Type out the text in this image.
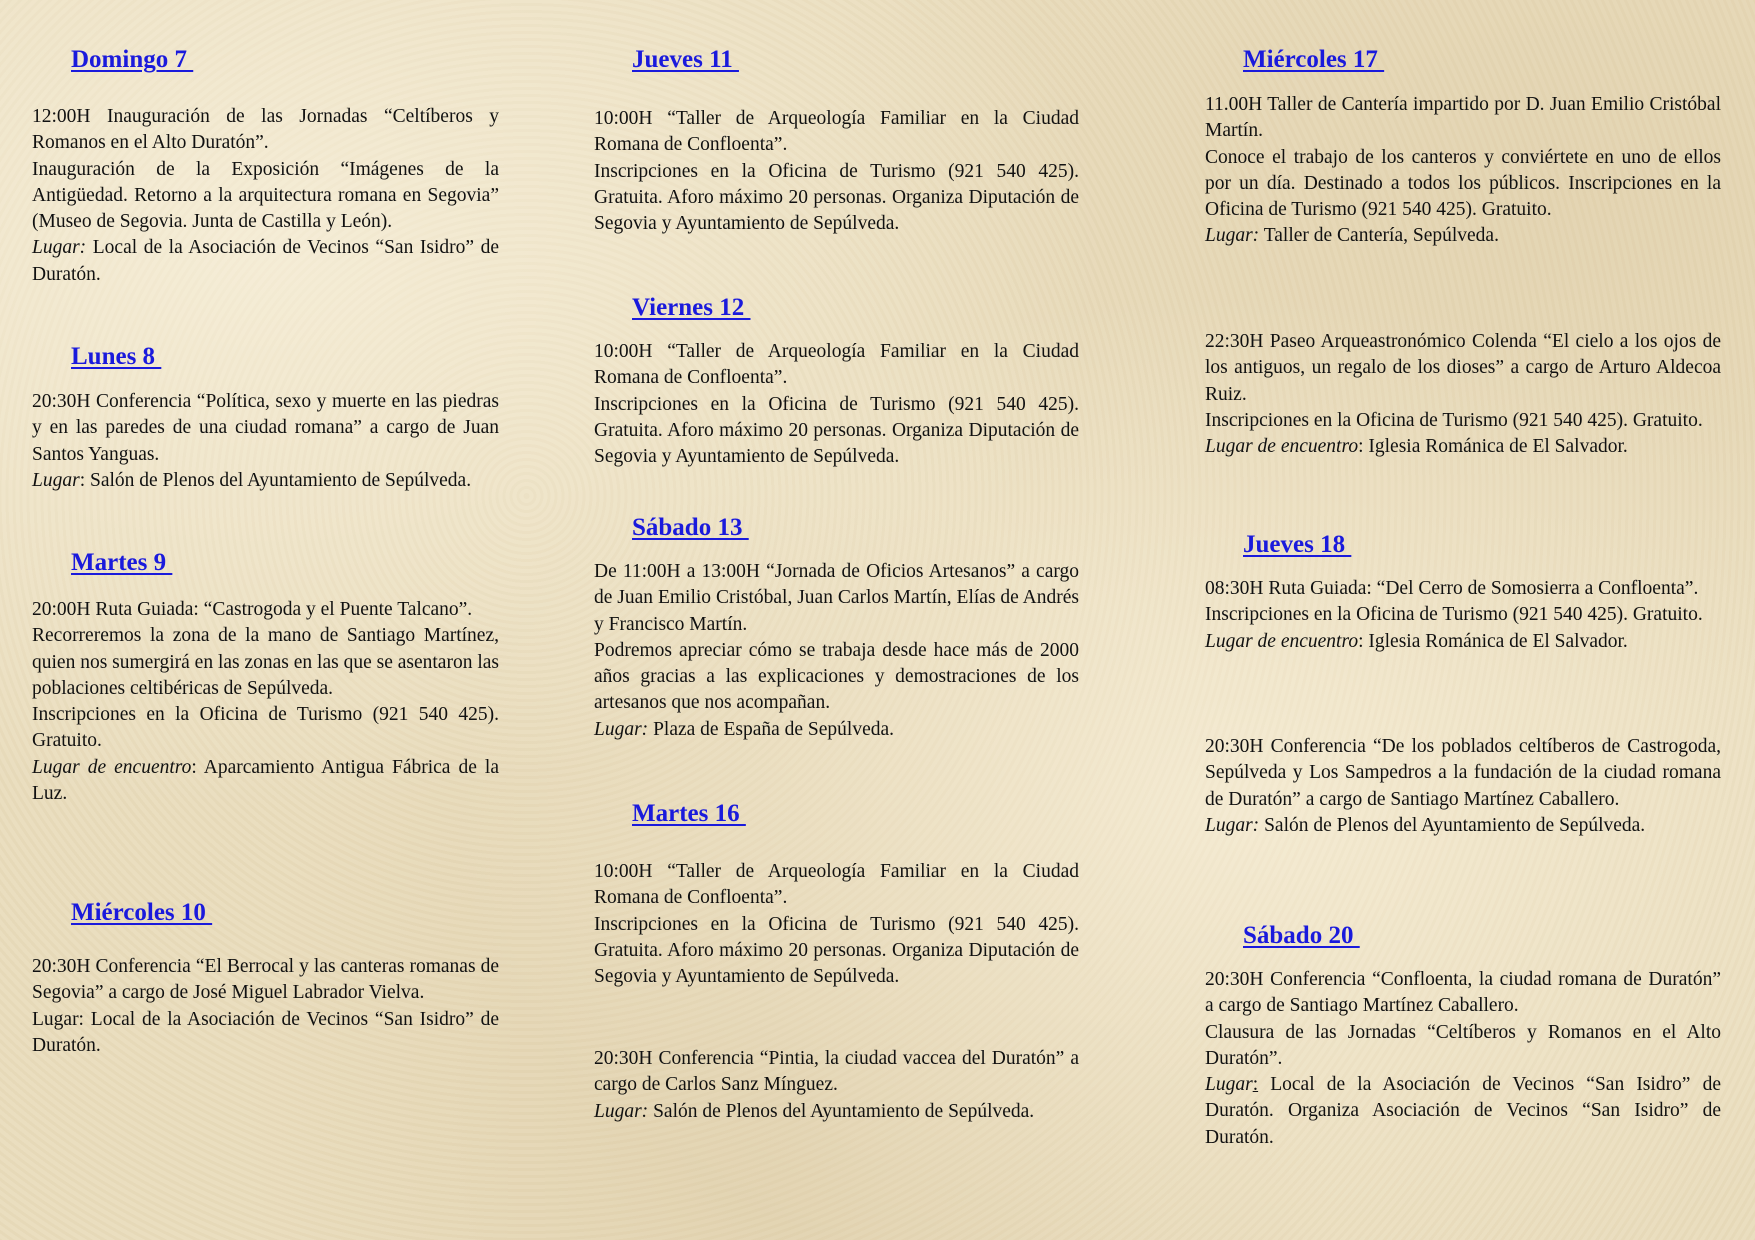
Domingo 7

12:00H Inauguración de las Jornadas “Celtíberos y Romanos en el Alto Duratón”.

Inauguración de la Exposición “Imágenes de la Antigüedad. Retorno a la arquitectura romana en Segovia” (Museo de Segovia. Junta de Castilla y León).

Lugar: Local de la Asociación de Vecinos “San Isidro” de Duratón.

Lunes 8

20:30H Conferencia “Política, sexo y muerte en las piedras y en las paredes de una ciudad romana” a cargo de Juan Santos Yanguas.

Lugar: Salón de Plenos del Ayuntamiento de Sepúlveda.

Martes 9

20:00H Ruta Guiada: “Castrogoda y el Puente Talcano”.

Recorreremos la zona de la mano de Santiago Martínez, quien nos sumergirá en las zonas en las que se asentaron las poblaciones celtibéricas de Sepúlveda.

Inscripciones en la Oficina de Turismo (921 540 425). Gratuito.

Lugar de encuentro: Aparcamiento Antigua Fábrica de la Luz.

Miércoles 10

20:30H Conferencia “El Berrocal y las canteras romanas de Segovia” a cargo de José Miguel Labrador Vielva.

Lugar: Local de la Asociación de Vecinos “San Isidro” de Duratón.

Jueves 11

10:00H “Taller de Arqueología Familiar en la Ciudad Romana de Confloenta”.

Inscripciones en la Oficina de Turismo (921 540 425). Gratuita. Aforo máximo 20 personas. Organiza Diputación de Segovia y Ayuntamiento de Sepúlveda.

Viernes 12

10:00H “Taller de Arqueología Familiar en la Ciudad Romana de Confloenta”.

Inscripciones en la Oficina de Turismo (921 540 425). Gratuita. Aforo máximo 20 personas. Organiza Diputación de Segovia y Ayuntamiento de Sepúlveda.

Sábado 13

De 11:00H a 13:00H “Jornada de Oficios Artesanos” a cargo de Juan Emilio Cristóbal, Juan Carlos Martín, Elías de Andrés y Francisco Martín.

Podremos apreciar cómo se trabaja desde hace más de 2000 años gracias a las explicaciones y demostraciones de los artesanos que nos acompañan.

Lugar: Plaza de España de Sepúlveda.

Martes 16

10:00H “Taller de Arqueología Familiar en la Ciudad Romana de Confloenta”.

Inscripciones en la Oficina de Turismo (921 540 425). Gratuita. Aforo máximo 20 personas. Organiza Diputación de Segovia y Ayuntamiento de Sepúlveda.

20:30H Conferencia “Pintia, la ciudad vaccea del Duratón” a cargo de Carlos Sanz Mínguez.

Lugar: Salón de Plenos del Ayuntamiento de Sepúlveda.

Miércoles 17

11.00H Taller de Cantería impartido por D. Juan Emilio Cristóbal Martín.

Conoce el trabajo de los canteros y conviértete en uno de ellos por un día. Destinado a todos los públicos. Inscripciones en la Oficina de Turismo (921 540 425). Gratuito.

Lugar: Taller de Cantería, Sepúlveda.

22:30H Paseo Arqueastronómico Colenda “El cielo a los ojos de los antiguos, un regalo de los dioses” a cargo de Arturo Aldecoa Ruiz.

Inscripciones en la Oficina de Turismo (921 540 425). Gratuito.

Lugar de encuentro: Iglesia Románica de El Salvador.

Jueves 18

08:30H Ruta Guiada: “Del Cerro de Somosierra a Confloenta”.

Inscripciones en la Oficina de Turismo (921 540 425). Gratuito.

Lugar de encuentro: Iglesia Románica de El Salvador.

20:30H Conferencia “De los poblados celtíberos de Castrogoda, Sepúlveda y Los Sampedros a la fundación de la ciudad romana de Duratón” a cargo de Santiago Martínez Caballero.

Lugar: Salón de Plenos del Ayuntamiento de Sepúlveda.

Sábado 20

20:30H Conferencia “Confloenta, la ciudad romana de Duratón” a cargo de Santiago Martínez Caballero.

Clausura de las Jornadas “Celtíberos y Romanos en el Alto Duratón”.

Lugar: Local de la Asociación de Vecinos “San Isidro” de Duratón. Organiza Asociación de Vecinos “San Isidro” de Duratón.
